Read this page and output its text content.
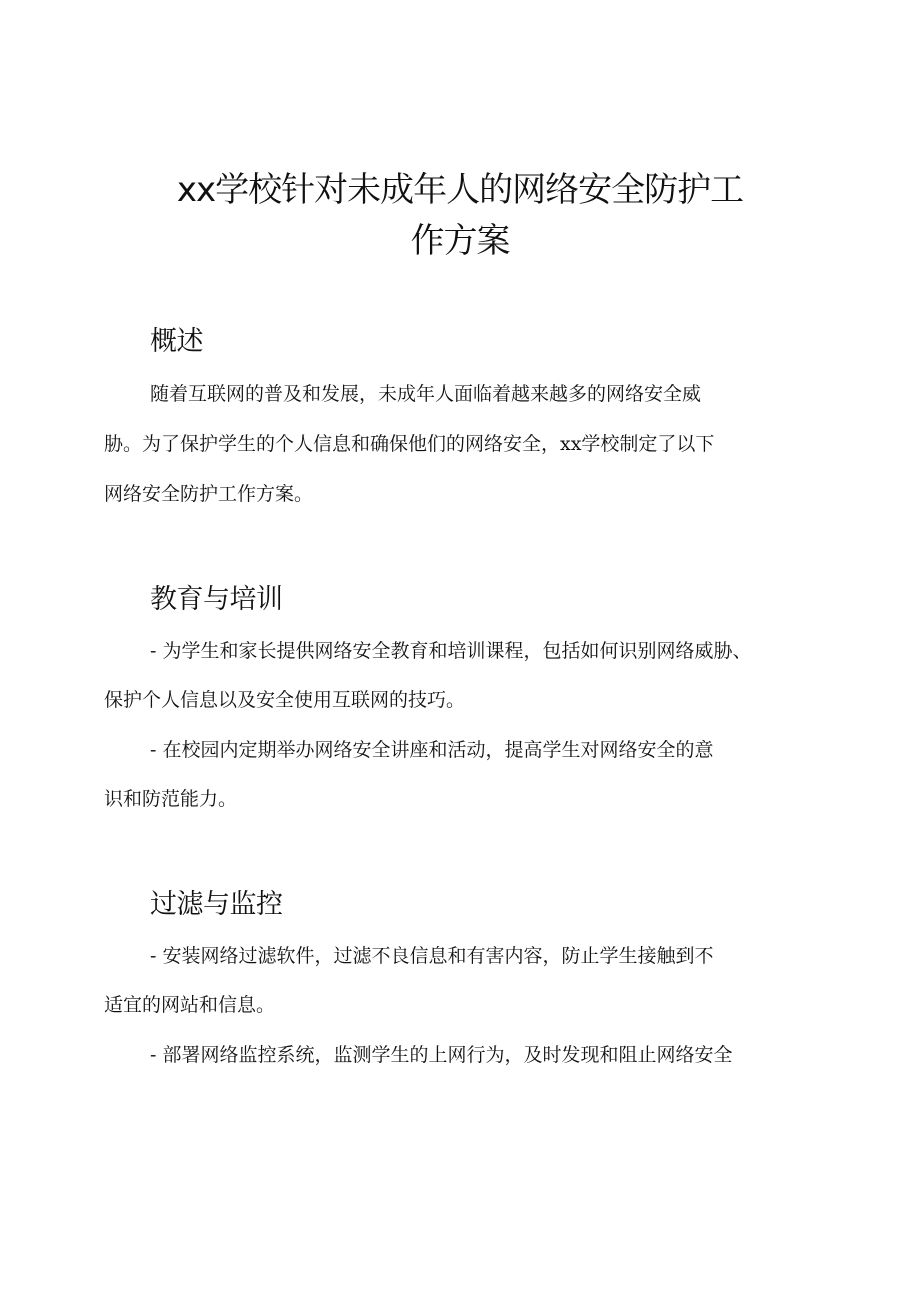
xx学校针对未成年人的网络安全防护工
作方案
概述

随着互联网的普及和发展，未成年人面临着越来越多的网络安全威

胁。为了保护学生的个人信息和确保他们的网络安全，xx学校制定了以下

网络安全防护工作方案。

教育与培训

- 为学生和家长提供网络安全教育和培训课程，包括如何识别网络威胁、

保护个人信息以及安全使用互联网的技巧。

- 在校园内定期举办网络安全讲座和活动，提高学生对网络安全的意

识和防范能力。

过滤与监控

- 安装网络过滤软件，过滤不良信息和有害内容，防止学生接触到不

适宜的网站和信息。

- 部署网络监控系统，监测学生的上网行为，及时发现和阻止网络安全
